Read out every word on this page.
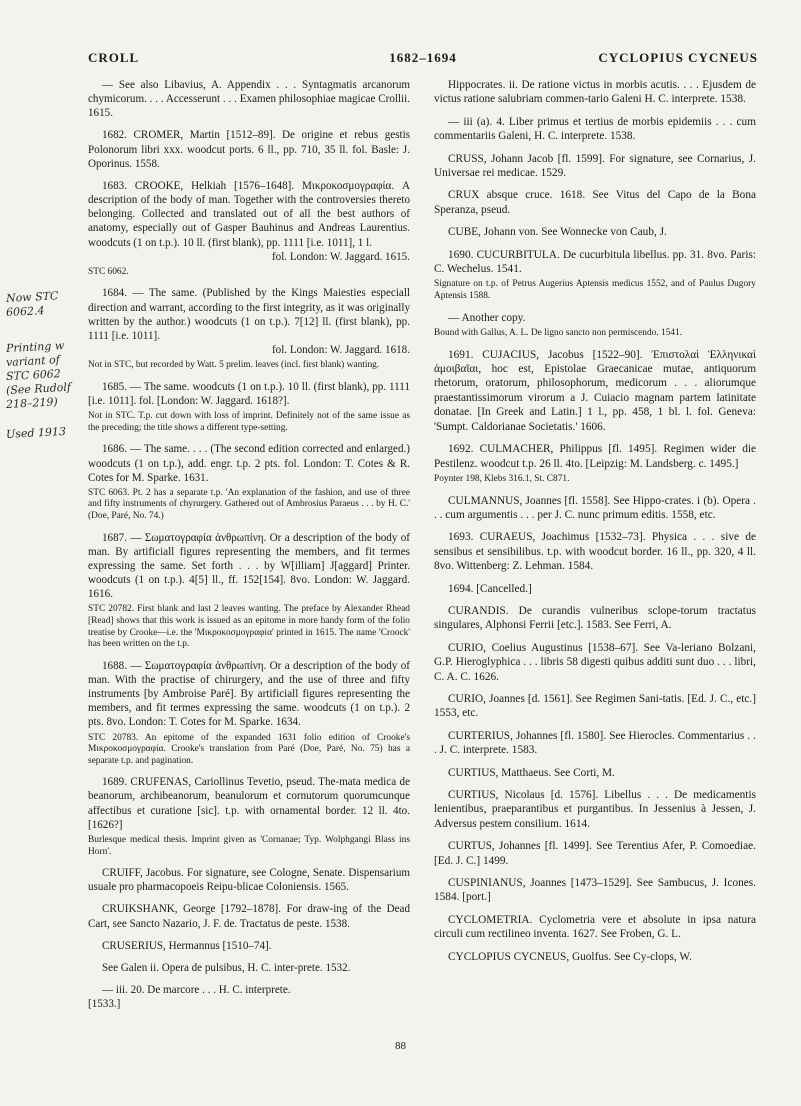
CROLL	1682–1694	CYCLOPIUS CYCNEUS
Now STC
6062.4
Printing w
variant of
STC 6062
(See Rudolf
218–219)
Used 1913
— See also Libavius, A. Appendix . . . Syntagmatis arcanorum chymicorum. . . . Accesserunt . . . Examen philosophiae magicae Crollii. 1615.
1682. CROMER, Martin [1512–89]. De origine et rebus gestis Polonorum libri xxx. woodcut ports. 6 ll., pp. 710, 35 ll. fol. Basle: J. Oporinus. 1558.
1683. CROOKE, Helkiah [1576–1648]. Μικροκοσμογραφία. A description of the body of man. Together with the controversies thereto belonging. Collected and translated out of all the best authors of anatomy, especially out of Gasper Bauhinus and Andreas Laurentius. woodcuts (1 on t.p.). 10 ll. (first blank), pp. 1111 [i.e. 1011], 1 l.
fol. London: W. Jaggard. 1615.
STC 6062.
1684. — The same. (Published by the Kings Maiesties especiall direction and warrant, according to the first integrity, as it was originally written by the author.) woodcuts (1 on t.p.). 7[12] ll. (first blank), pp. 1111 [i.e. 1011].
fol. London: W. Jaggard. 1618.
Not in STC, but recorded by Watt. 5 prelim. leaves (incl. first blank) wanting.
1685. — The same. woodcuts (1 on t.p.). 10 ll. (first blank), pp. 1111 [i.e. 1011]. fol. [London: W. Jaggard. 1618?].
Not in STC. T.p. cut down with loss of imprint. Definitely not of the same issue as the preceding; the title shows a different type-setting.
1686. — The same. . . . (The second edition corrected and enlarged.) woodcuts (1 on t.p.), add. engr. t.p. 2 pts. fol. London: T. Cotes & R. Cotes for M. Sparke. 1631.
STC 6063. Pt. 2 has a separate t.p. 'An explanation of the fashion, and use of three and fifty instruments of chyrurgery. Gathered out of Ambrosius Paraeus . . . by H. C.' (Doe, Paré, No. 74.)
1687. — Σωματογραφία ἀνθρωπίνη. Or a description of the body of man. By artificiall figures representing the members, and fit termes expressing the same. Set forth . . . by W[illiam] J[aggard] Printer. woodcuts (1 on t.p.). 4[5] ll., ff. 152[154]. 8vo. London: W. Jaggard. 1616.
STC 20782. First blank and last 2 leaves wanting. The preface by Alexander Rhead [Read] shows that this work is issued as an epitome in more handy form of the folio treatise by Crooke—i.e. the 'Μικροκοσμογραφία' printed in 1615. The name 'Croock' has been written on the t.p.
1688. — Σωματογραφία ἀνθρωπίνη. Or a description of the body of man. With the practise of chirurgery, and the use of three and fifty instruments [by Ambroise Paré]. By artificiall figures representing the members, and fit termes expressing the same. woodcuts (1 on t.p.). 2 pts. 8vo. London: T. Cotes for M. Sparke. 1634.
STC 20783. An epitome of the expanded 1631 folio edition of Crooke's Μικροκοσμογραφία. Crooke's translation from Paré (Doe, Paré, No. 75) has a separate t.p. and pagination.
1689. CRUFENAS, Cariollinus Tevetio, pseud. The-mata medica de beanorum, archibeanorum, beanulorum et cornutorum quorumcunque affectibus et curatione [sic]. t.p. with ornamental border. 12 ll. 4to. [1626?]
Burlesque medical thesis. Imprint given as 'Cornanae; Typ. Wolphgangi Blass ins Horn'.
CRUIFF, Jacobus. For signature, see Cologne, Senate. Dispensarium usuale pro pharmacopoeis Reipu-blicae Coloniensis. 1565.
CRUIKSHANK, George [1792–1878]. For draw-ing of the Dead Cart, see Sancto Nazario, J. F. de. Tractatus de peste. 1538.
CRUSERIUS, Hermannus [1510–74].
See Galen ii. Opera de pulsibus, H. C. inter-prete. 1532.
— iii. 20. De marcore . . . H. C. interprete.
[1533.]
Hippocrates. ii. De ratione victus in morbis acutis. . . . Ejusdem de victus ratione salubriam commen-tario Galeni H. C. interprete. 1538.
— iii (a). 4. Liber primus et tertius de morbis epidemiis . . . cum commentariis Galeni, H. C. interprete. 1538.
CRUSS, Johann Jacob [fl. 1599]. For signature, see Cornarius, J. Universae rei medicae. 1529.
CRUX absque cruce. 1618. See Vitus del Capo de la Bona Speranza, pseud.
CUBE, Johann von. See Wonnecke von Caub, J.
1690. CUCURBITULA. De cucurbitula libellus. pp. 31. 8vo. Paris: C. Wechelus. 1541.
Signature on t.p. of Petrus Augerius Aptensis medicus 1552, and of Paulus Dugory Aptensis 1588.
— Another copy.
Bound with Gallus, A. L. De ligno sancto non permiscendo. 1541.
1691. CUJACIUS, Jacobus [1522–90]. Ἐπιστολαὶ Ἑλληνικαὶ ἀμοιβαῖαι, hoc est, Epistolae Graecanicae mutae, antiquorum rhetorum, oratorum, philosophorum, medicorum . . . aliorumque praestantissimorum virorum a J. Cuiacio magnam partem latinitate donatae. [In Greek and Latin.] 1 l., pp. 458, 1 bl. l. fol. Geneva: 'Sumpt. Caldorianae Societatis.' 1606.
1692. CULMACHER, Philippus [fl. 1495]. Regimen wider die Pestilenz. woodcut t.p. 26 ll. 4to. [Leipzig: M. Landsberg. c. 1495.]
Poynter 198, Klebs 316.1, St. C871.
CULMANNUS, Joannes [fl. 1558]. See Hippo-crates. i (b). Opera . . . cum argumentis . . . per J. C. nunc primum editis. 1558, etc.
1693. CURAEUS, Joachimus [1532–73]. Physica . . . sive de sensibus et sensibilibus. t.p. with woodcut border. 16 ll., pp. 320, 4 ll. 8vo. Wittenberg: Z. Lehman. 1584.
1694. [Cancelled.]
CURANDIS. De curandis vulneribus sclope-torum tractatus singulares, Alphonsi Ferrii [etc.]. 1583. See Ferri, A.
CURIO, Coelius Augustinus [1538–67]. See Va-leriano Bolzani, G.P. Hieroglyphica . . . libris 58 digesti quibus additi sunt duo . . . libri, C. A. C. 1626.
CURIO, Joannes [d. 1561]. See Regimen Sani-tatis. [Ed. J. C., etc.] 1553, etc.
CURTERIUS, Johannes [fl. 1580]. See Hierocles. Commentarius . . . J. C. interprete. 1583.
CURTIUS, Matthaeus. See Corti, M.
CURTIUS, Nicolaus [d. 1576]. Libellus . . . De medicamentis lenientibus, praeparantibus et purgantibus. In Jessenius à Jessen, J. Adversus pestem consilium. 1614.
CURTUS, Johannes [fl. 1499]. See Terentius Afer, P. Comoediae. [Ed. J. C.] 1499.
CUSPINIANUS, Joannes [1473–1529]. See Sambucus, J. Icones. 1584. [port.]
CYCLOMETRIA. Cyclometria vere et absolute in ipsa natura circuli cum rectilineo inventa. 1627. See Froben, G. L.
CYCLOPIUS CYCNEUS, Guolfus. See Cy-clops, W.
88
